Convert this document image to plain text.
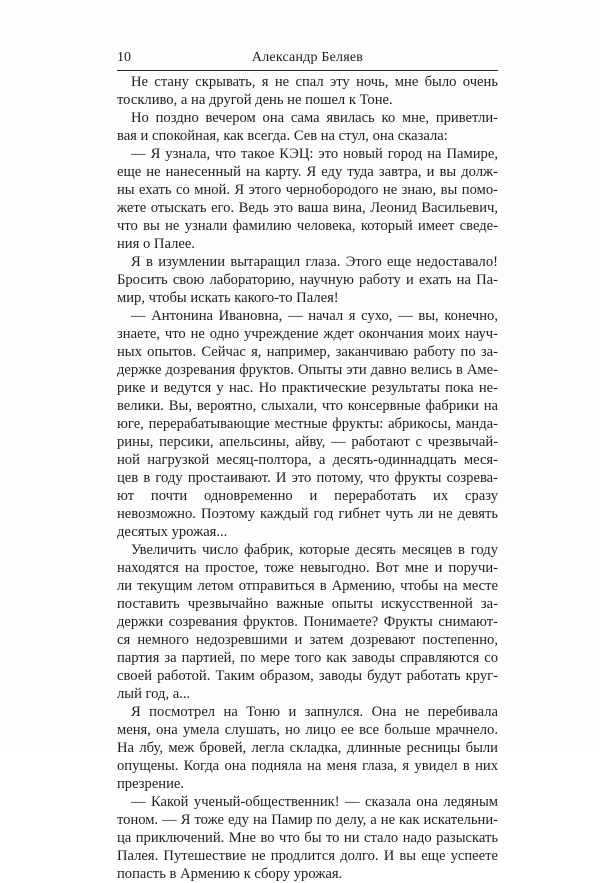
10	Александр Беляев
Не стану скрывать, я не спал эту ночь, мне было очень
тоскливо, а на другой день не пошел к Тоне.
Но поздно вечером она сама явилась ко мне, приветли-
вая и спокойная, как всегда. Сев на стул, она сказала:
— Я узнала, что такое КЭЦ: это новый город на Памире,
еще не нанесенный на карту. Я еду туда завтра, и вы долж-
ны ехать со мной. Я этого чернобородого не знаю, вы помо-
жете отыскать его. Ведь это ваша вина, Леонид Васильевич,
что вы не узнали фамилию человека, который имеет сведе-
ния о Палее.
Я в изумлении вытаращил глаза. Этого еще недоставало!
Бросить свою лабораторию, научную работу и ехать на Па-
мир, чтобы искать какого-то Палея!
— Антонина Ивановна, — начал я сухо, — вы, конечно,
знаете, что не одно учреждение ждет окончания моих науч-
ных опытов. Сейчас я, например, заканчиваю работу по за-
держке дозревания фруктов. Опыты эти давно велись в Аме-
рике и ведутся у нас. Но практические результаты пока не-
велики. Вы, вероятно, слыхали, что консервные фабрики на
юге, перерабатывающие местные фрукты: абрикосы, манда-
рины, персики, апельсины, айву, — работают с чрезвычай-
ной нагрузкой месяц-полтора, а десять-одиннадцать меся-
цев в году простаивают. И это потому, что фрукты созрева-
ют почти одновременно и переработать их сразу
невозможно. Поэтому каждый год гибнет чуть ли не девять
десятых урожая...
Увеличить число фабрик, которые десять месяцев в году
находятся на простое, тоже невыгодно. Вот мне и поручи-
ли текущим летом отправиться в Армению, чтобы на месте
поставить чрезвычайно важные опыты искусственной за-
держки созревания фруктов. Понимаете? Фрукты снимают-
ся немного недозревшими и затем дозревают постепенно,
партия за партией, по мере того как заводы справляются со
своей работой. Таким образом, заводы будут работать круг-
лый год, а...
Я посмотрел на Тоню и запнулся. Она не перебивала
меня, она умела слушать, но лицо ее все больше мрачнело.
На лбу, меж бровей, легла складка, длинные ресницы были
опущены. Когда она подняла на меня глаза, я увидел в них
презрение.
— Какой ученый-общественник! — сказала она ледяным
тоном. — Я тоже еду на Памир по делу, а не как искательни-
ца приключений. Мне во что бы то ни стало надо разыскать
Палея. Путешествие не продлится долго. И вы еще успеете
попасть в Армению к сбору урожая.
